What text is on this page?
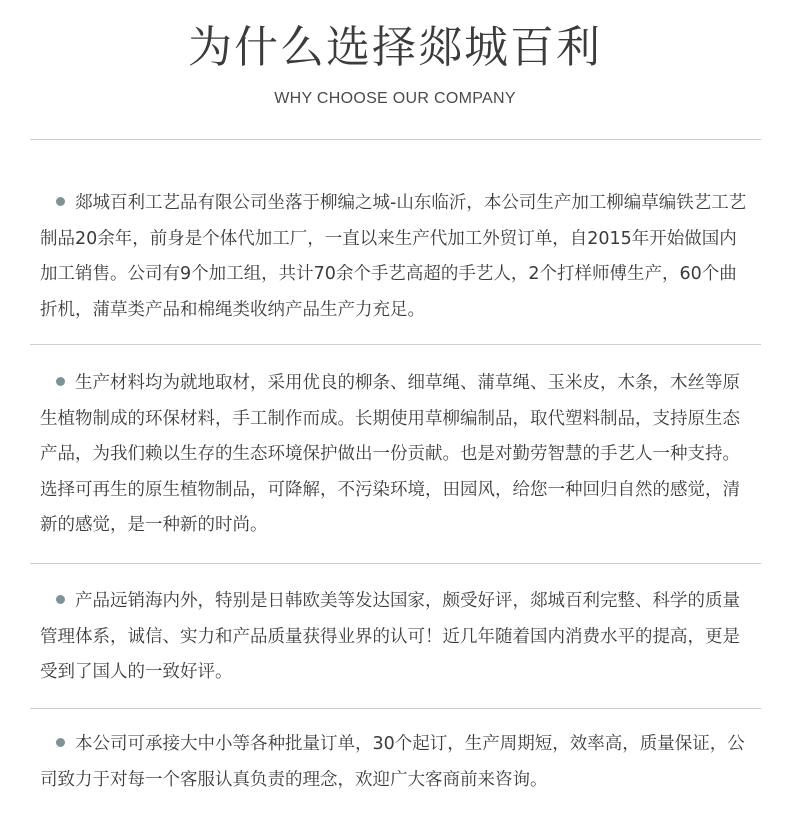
为什么选择郯城百利
WHY CHOOSE OUR COMPANY
郯城百利工艺品有限公司坐落于柳编之城-山东临沂，本公司生产加工柳编草编铁艺工艺制品20余年，前身是个体代加工厂，一直以来生产代加工外贸订单，自2015年开始做国内加工销售。公司有9个加工组，共计70余个手艺高超的手艺人，2个打样师傅生产，60个曲折机，蒲草类产品和棉绳类收纳产品生产力充足。
生产材料均为就地取材，采用优良的柳条、细草绳、蒲草绳、玉米皮，木条，木丝等原生植物制成的环保材料，手工制作而成。长期使用草柳编制品，取代塑料制品，支持原生态产品，为我们赖以生存的生态环境保护做出一份贡献。也是对勤劳智慧的手艺人一种支持。 选择可再生的原生植物制品，可降解，不污染环境，田园风，给您一种回归自然的感觉，清新的感觉，是一种新的时尚。
产品远销海内外，特别是日韩欧美等发达国家，颇受好评，郯城百利完整、科学的质量管理体系，诚信、实力和产品质量获得业界的认可！近几年随着国内消费水平的提高，更是受到了国人的一致好评。
本公司可承接大中小等各种批量订单，30个起订，生产周期短，效率高，质量保证，公司致力于对每一个客服认真负责的理念，欢迎广大客商前来咨询。
